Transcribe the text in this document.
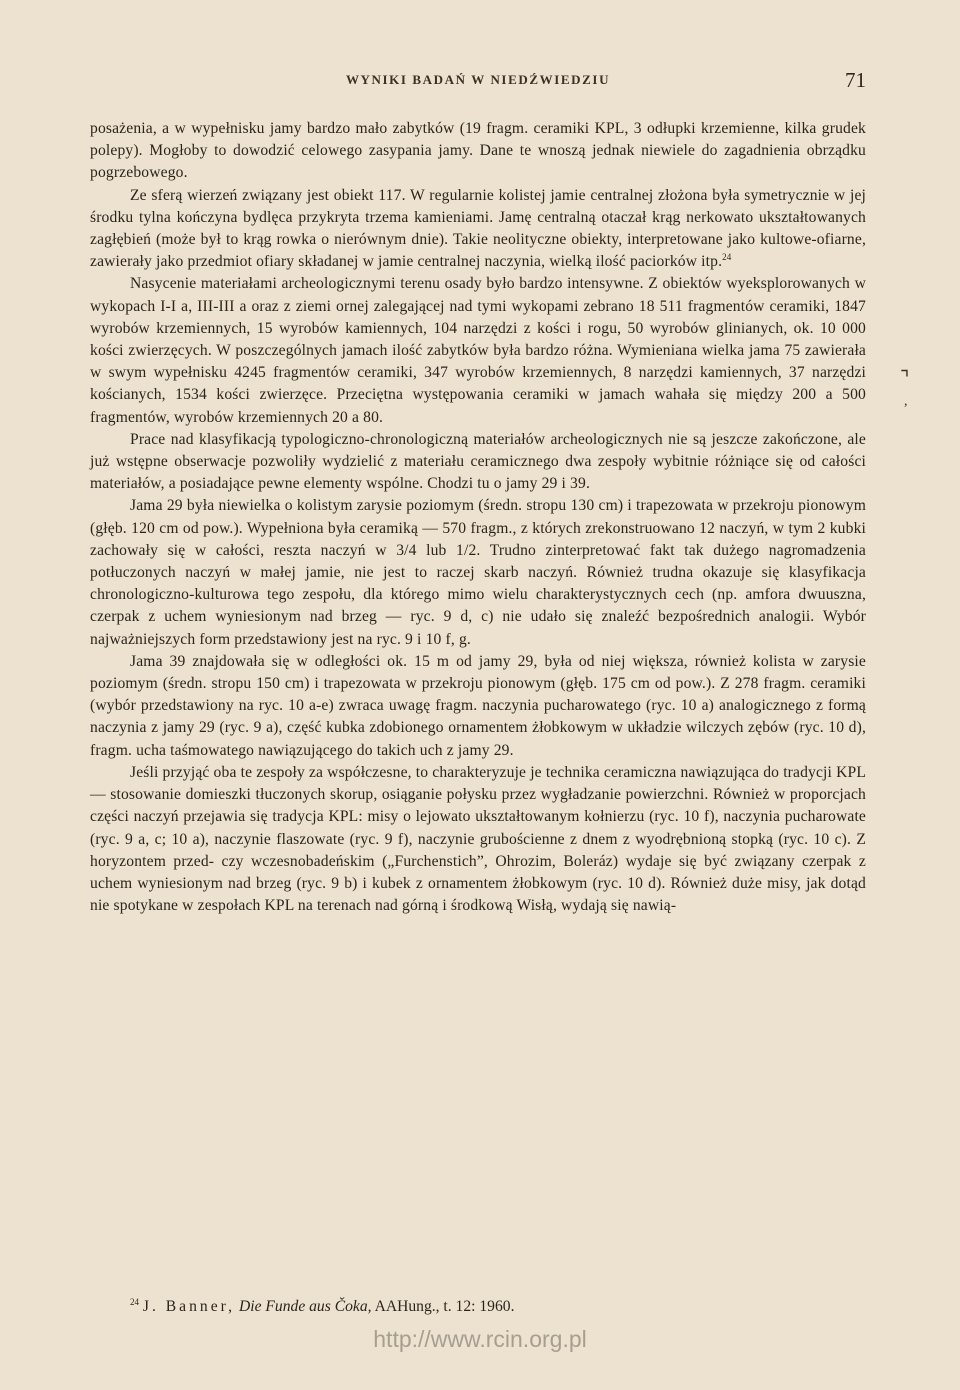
WYNIKI BADAŃ W NIEDŹWIEDZIU	71

posażenia, a w wypełnisku jamy bardzo mało zabytków (19 fragm. ceramiki KPL, 3 odłupki krzemienne, kilka grudek polepy). Mogłoby to dowodzić celowego zasypania jamy. Dane te wnoszą jednak niewiele do zagadnienia obrządku pogrzebowego.

Ze sferą wierzeń związany jest obiekt 117. W regularnie kolistej jamie centralnej złożona była symetrycznie w jej środku tylna kończyna bydlęca przykryta trzema kamieniami. Jamę centralną otaczał krąg nerkowato ukształtowanych zagłębień (może był to krąg rowka o nierównym dnie). Takie neolityczne obiekty, interpretowane jako kultowe-ofiarne, zawierały jako przedmiot ofiary składanej w jamie centralnej naczynia, wielką ilość paciorków itp.$^{24}$

Nasycenie materiałami archeologicznymi terenu osady było bardzo intensywne. Z obiektów wyeksplorowanych w wykopach I-I a, III-III a oraz z ziemi ornej zalegającej nad tymi wykopami zebrano 18 511 fragmentów ceramiki, 1847 wyrobów krzemiennych, 15 wyrobów kamiennych, 104 narzędzi z kości i rogu, 50 wyrobów glinianych, ok. 10 000 kości zwierzęcych. W poszczególnych jamach ilość zabytków była bardzo różna. Wymieniana wielka jama 75 zawierała w swym wypełnisku 4245 fragmentów ceramiki, 347 wyrobów krzemiennych, 8 narzędzi kamiennych, 37 narzędzi kościanych, 1534 kości zwierzęce. Przeciętna występowania ceramiki w jamach wahała się między 200 a 500 fragmentów, wyrobów krzemiennych 20 a 80.

Prace nad klasyfikacją typologiczno-chronologiczną materiałów archeologicznych nie są jeszcze zakończone, ale już wstępne obserwacje pozwoliły wydzielić z materiału ceramicznego dwa zespoły wybitnie różniące się od całości materiałów, a posiadające pewne elementy wspólne. Chodzi tu o jamy 29 i 39.

Jama 29 była niewielka o kolistym zarysie poziomym (średn. stropu 130 cm) i trapezowata w przekroju pionowym (głęb. 120 cm od pow.). Wypełniona była ceramiką — 570 fragm., z których zrekonstruowano 12 naczyń, w tym 2 kubki zachowały się w całości, reszta naczyń w 3/4 lub 1/2. Trudno zinterpretować fakt tak dużego nagromadzenia potłuczonych naczyń w małej jamie, nie jest to raczej skarb naczyń. Również trudna okazuje się klasyfikacja chronologiczno-kulturowa tego zespołu, dla którego mimo wielu charakterystycznych cech (np. amfora dwuuszna, czerpak z uchem wyniesionym nad brzeg — ryc. 9 d, c) nie udało się znaleźć bezpośrednich analogii. Wybór najważniejszych form przedstawiony jest na ryc. 9 i 10 f, g.

Jama 39 znajdowała się w odległości ok. 15 m od jamy 29, była od niej większa, również kolista w zarysie poziomym (średn. stropu 150 cm) i trapezowata w przekroju pionowym (głęb. 175 cm od pow.). Z 278 fragm. ceramiki (wybór przedstawiony na ryc. 10 a-e) zwraca uwagę fragm. naczynia pucharowatego (ryc. 10 a) analogicznego z formą naczynia z jamy 29 (ryc. 9 a), część kubka zdobionego ornamentem żłobkowym w układzie wilczych zębów (ryc. 10 d), fragm. ucha taśmowatego nawiązującego do takich uch z jamy 29.

Jeśli przyjąć oba te zespoły za współczesne, to charakteryzuje je technika ceramiczna nawiązująca do tradycji KPL — stosowanie domieszki tłuczonych skorup, osiąganie połysku przez wygładzanie powierzchni. Również w proporcjach części naczyń przejawia się tradycja KPL: misy o lejowato ukształtowanym kołnierzu (ryc. 10 f), naczynia pucharowate (ryc. 9 a, c; 10 a), naczynie flaszowate (ryc. 9 f), naczynie grubościenne z dnem z wyodrębnioną stopką (ryc. 10 c). Z horyzontem przed- czy wczesnobadeńskim („Furchenstich”, Ohrozim, Boleráz) wydaje się być związany czerpak z uchem wyniesionym nad brzeg (ryc. 9 b) i kubek z ornamentem żłobkowym (ryc. 10 d). Również duże misy, jak dotąd nie spotykane w zespołach KPL na terenach nad górną i środkową Wisłą, wydają się nawią-

⌝
,
$^{24}$ J. Banner, Die Funde aus Čoka, AAHung., t. 12: 1960.
http://www.rcin.org.pl
